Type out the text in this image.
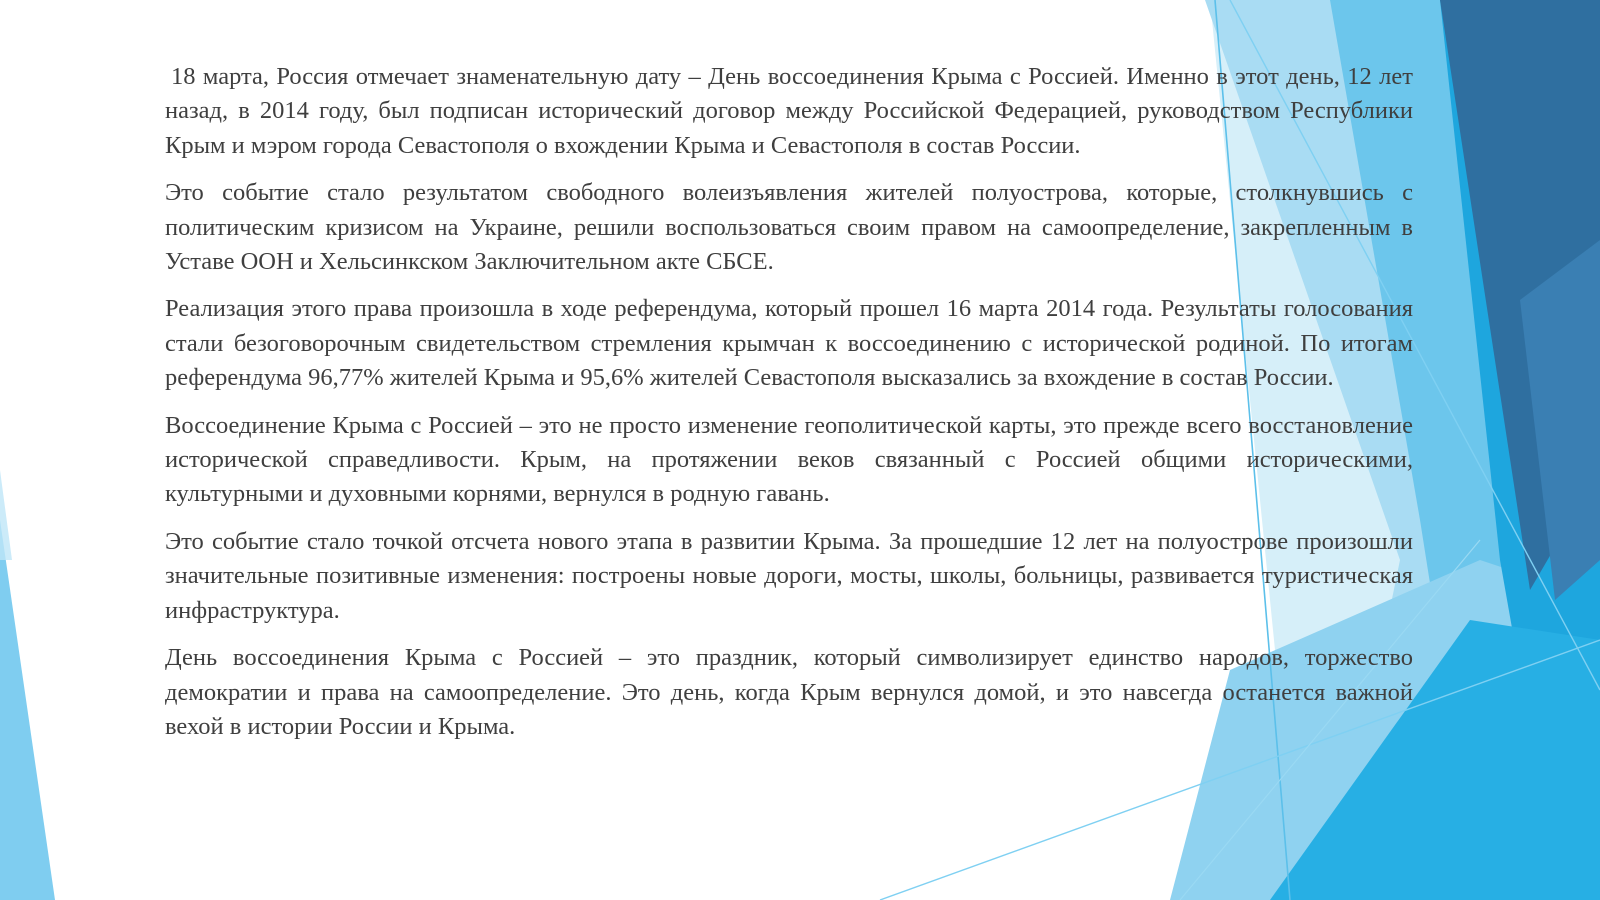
18 марта, Россия отмечает знаменательную дату – День воссоединения Крыма с Россией. Именно в этот день, 12 лет назад, в 2014 году, был подписан исторический договор между Российской Федерацией, руководством Республики Крым и мэром города Севастополя о вхождении Крыма и Севастополя в состав России.

Это событие стало результатом свободного волеизъявления жителей полуострова, которые, столкнувшись с политическим кризисом на Украине, решили воспользоваться своим правом на самоопределение, закрепленным в Уставе ООН и Хельсинкском Заключительном акте СБСЕ.

Реализация этого права произошла в ходе референдума, который прошел 16 марта 2014 года. Результаты голосования стали безоговорочным свидетельством стремления крымчан к воссоединению с исторической родиной. По итогам референдума 96,77% жителей Крыма и 95,6% жителей Севастополя высказались за вхождение в состав России.

Воссоединение Крыма с Россией – это не просто изменение геополитической карты, это прежде всего восстановление исторической справедливости. Крым, на протяжении веков связанный с Россией общими историческими, культурными и духовными корнями, вернулся в родную гавань.

Это событие стало точкой отсчета нового этапа в развитии Крыма. За прошедшие 12 лет на полуострове произошли значительные позитивные изменения: построены новые дороги, мосты, школы, больницы, развивается туристическая инфраструктура.

День воссоединения Крыма с Россией – это праздник, который символизирует единство народов, торжество демократии и права на самоопределение. Это день, когда Крым вернулся домой, и это навсегда останется важной вехой в истории России и Крыма.
